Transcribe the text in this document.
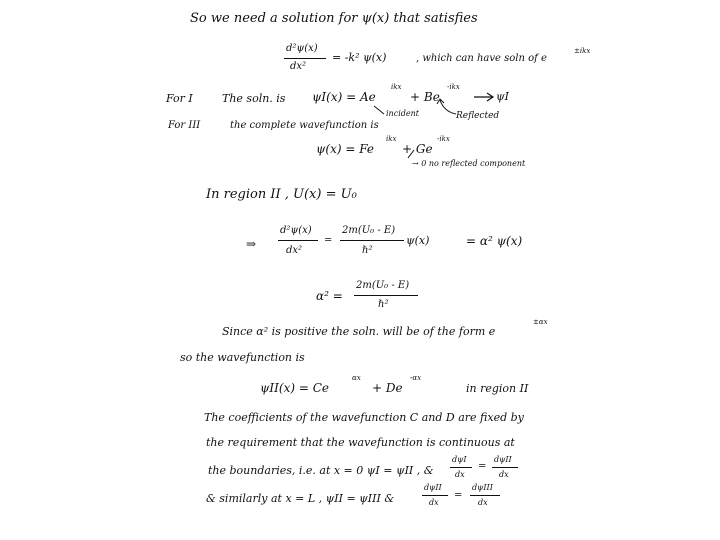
So we need a solution for ψ(x) that satisfies
d²ψ(x)
dx²
= -k² ψ(x)	, which can have soln of e
±ikx
For I	The soln. is ψI(x) = Ae
ikx
+ Be
-ikx
ψI
incident	Reflected
For III	the complete wavefunction is
ψ(x) = Fe
ikx
+ Ge
-ikx
→ 0 no reflected component
In region II , U(x) = U₀
⇒
d²ψ(x)
dx²
=
2m(U₀ - E)
ℏ²
ψ(x)	= α² ψ(x)
α² =
2m(U₀ - E)
ℏ²
Since α² is positive the soln. will be of the form e
±αx
so the wavefunction is
ψII(x) = Ce
αx
+ De
-αx
in region II
The coefficients of the wavefunction C and D are fixed by
the requirement that the wavefunction is continuous at
the boundaries, i.e. at x = 0 ψI = ψII , &
dψI
dx
=
dψII
dx
& similarly at x = L , ψII = ψIII &
dψII
dx
=
dψIII
dx
